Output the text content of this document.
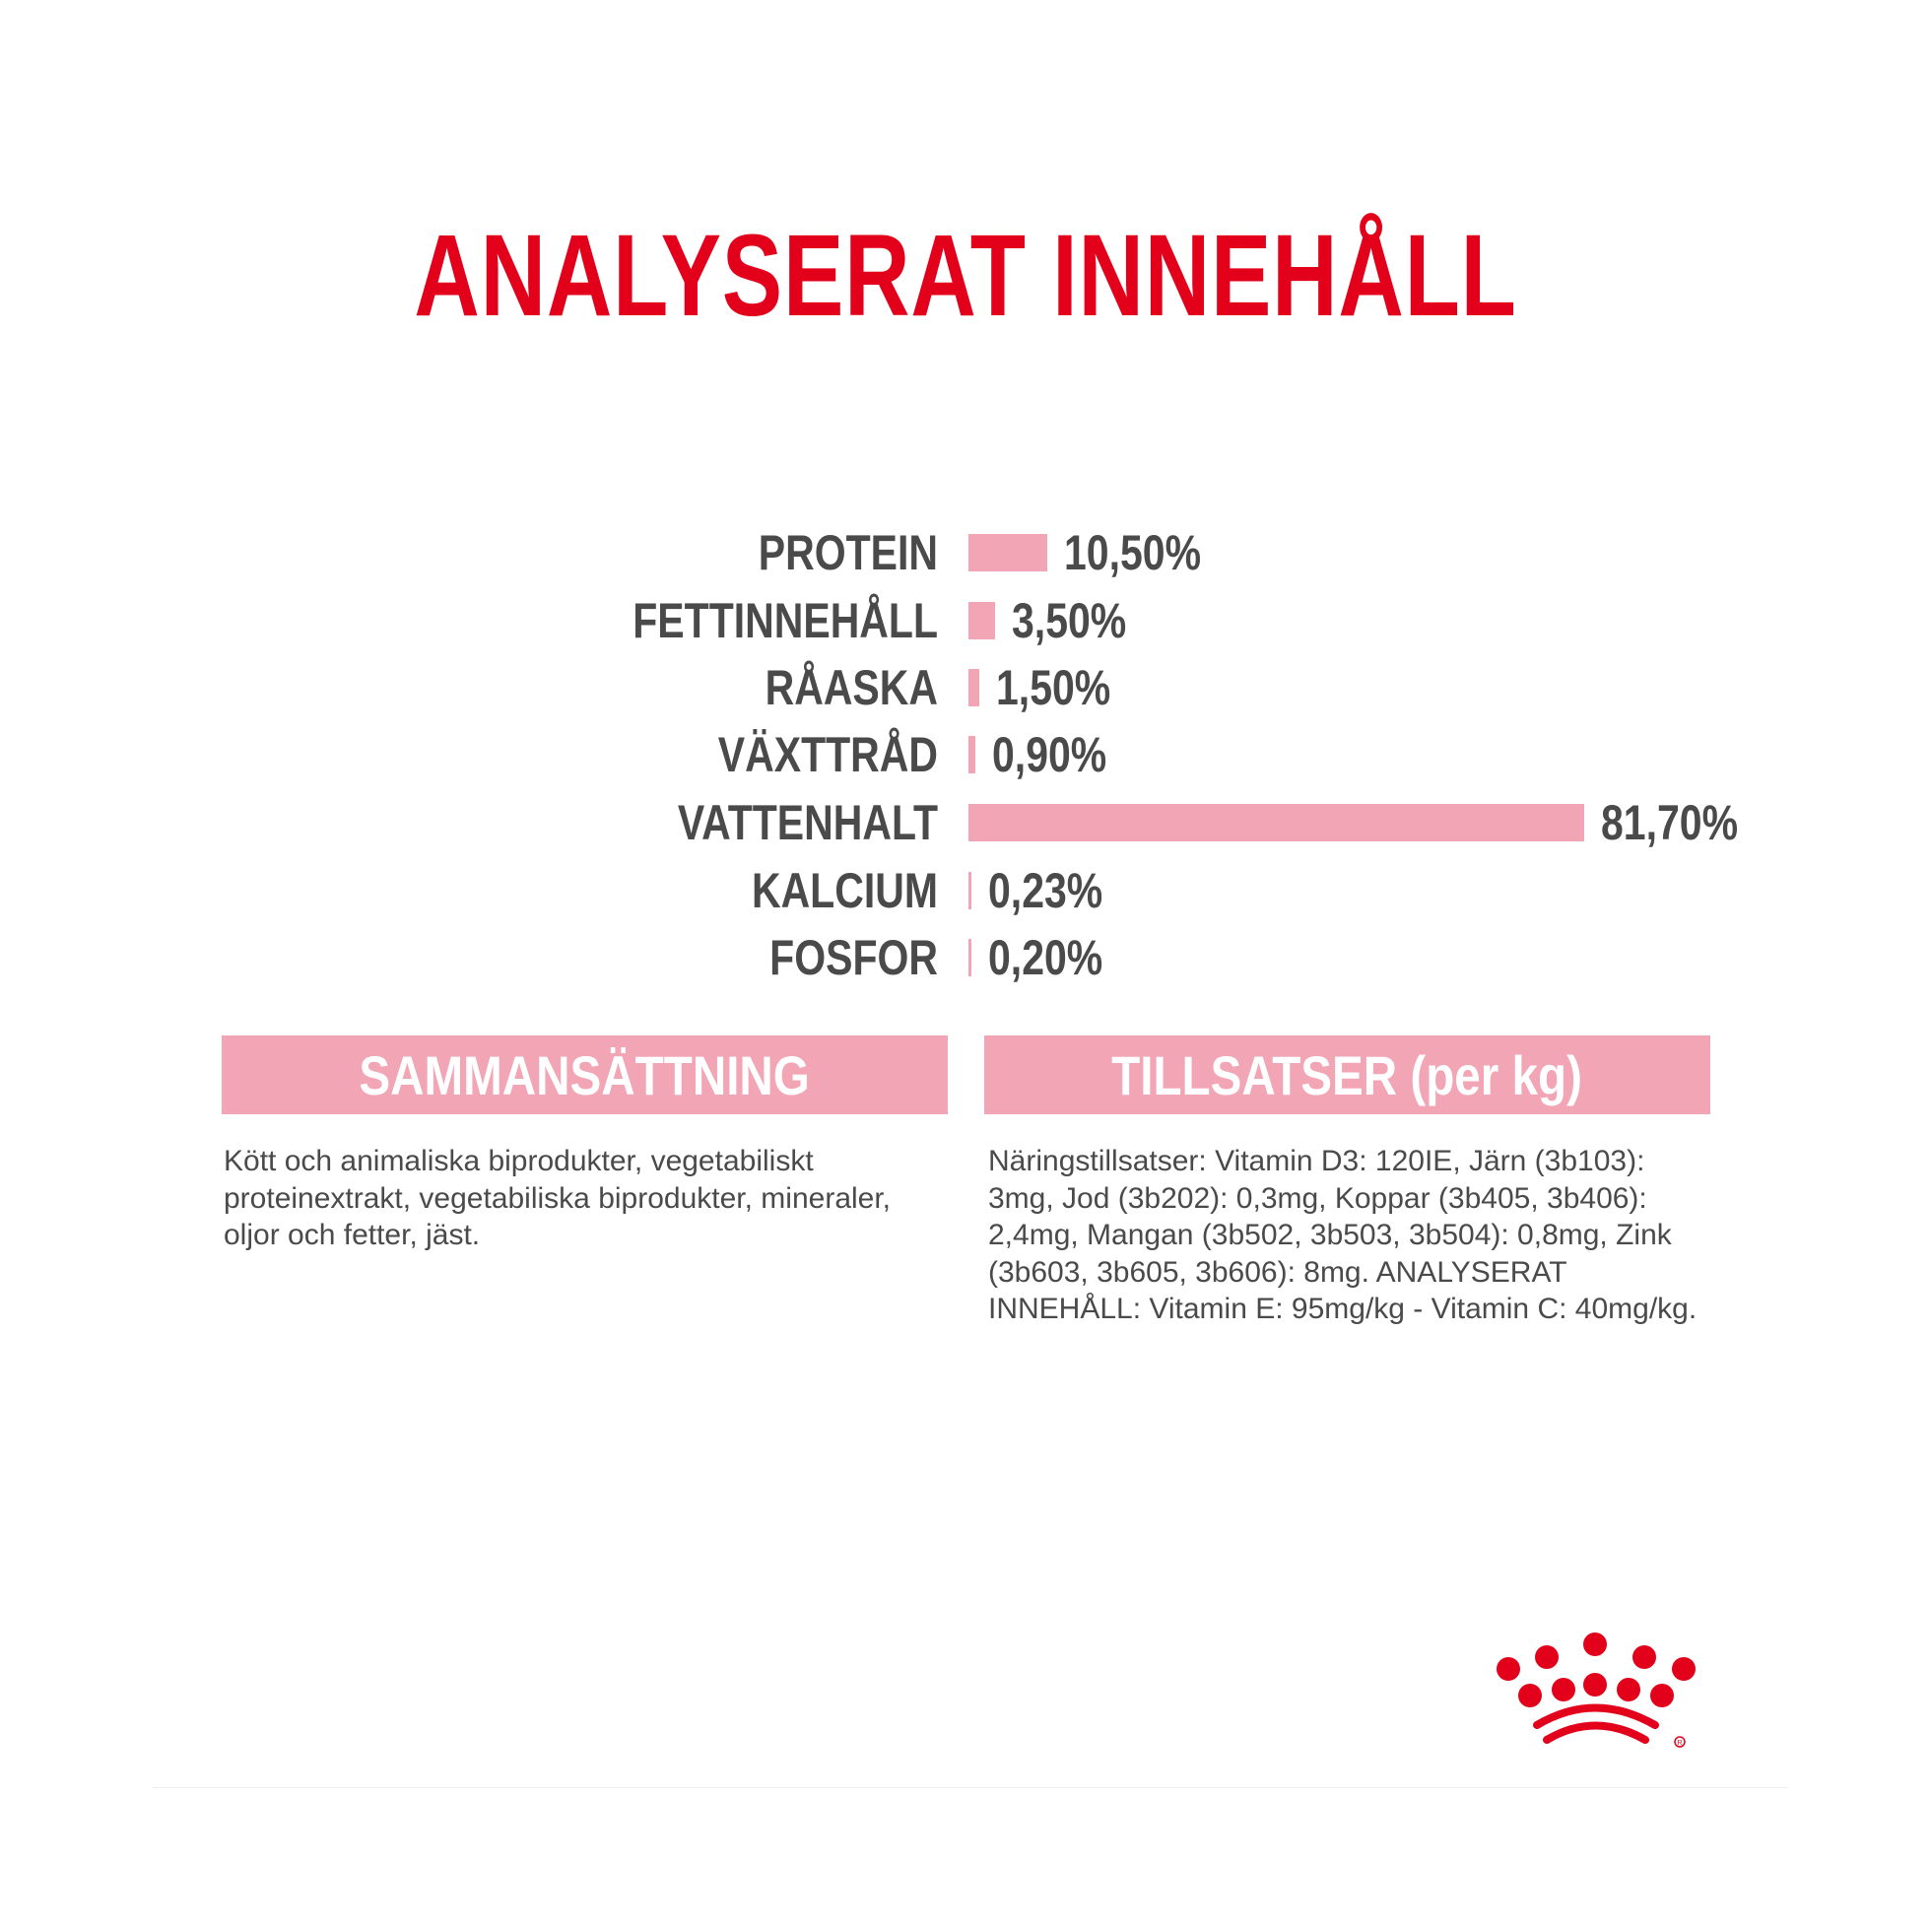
ANALYSERAT INNEHÅLL
PROTEIN	10,50%
FETTINNEHÅLL 3,50%
RÅASKA 1,50%
VÄXTTRÅD 0,90%
VATTENHALT	81,70%
KALCIUM 0,23%
FOSFOR 0,20%
SAMMANSÄTTNING
Kött och animaliska biprodukter, vegetabiliskt proteinextrakt, vegetabiliska biprodukter, mineraler, oljor och fetter, jäst.
TILLSATSER (per kg)
Näringstillsatser: Vitamin D3: 120IE, Järn (3b103): 3mg, Jod (3b202): 0,3mg, Koppar (3b405, 3b406): 2,4mg, Mangan (3b502, 3b503, 3b504): 0,8mg, Zink (3b603, 3b605, 3b606): 8mg. ANALYSERAT INNEHÅLL: Vitamin E: 95mg/kg - Vitamin C: 40mg/kg.
R
